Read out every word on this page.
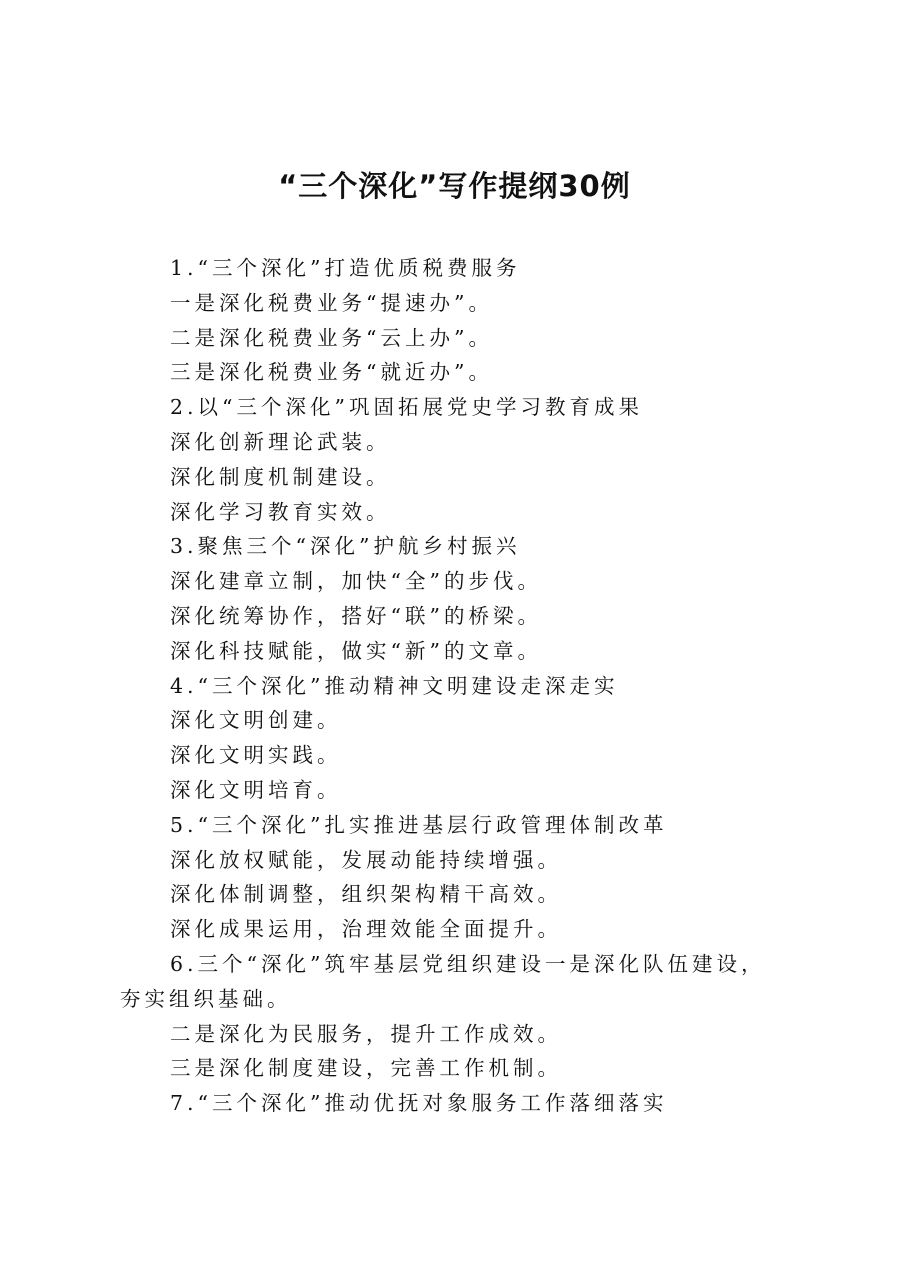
“三个深化”写作提纲30例
1.“三个深化”打造优质税费服务
一是深化税费业务“提速办”。
二是深化税费业务“云上办”。
三是深化税费业务“就近办”。
2.以“三个深化”巩固拓展党史学习教育成果
深化创新理论武装。
深化制度机制建设。
深化学习教育实效。
3.聚焦三个“深化”护航乡村振兴
深化建章立制，加快“全”的步伐。
深化统筹协作，搭好“联”的桥梁。
深化科技赋能，做实“新”的文章。
4.“三个深化”推动精神文明建设走深走实
深化文明创建。
深化文明实践。
深化文明培育。
5.“三个深化”扎实推进基层行政管理体制改革
深化放权赋能，发展动能持续增强。
深化体制调整，组织架构精干高效。
深化成果运用，治理效能全面提升。
6.三个“深化”筑牢基层党组织建设一是深化队伍建设，
夯实组织基础。
二是深化为民服务，提升工作成效。
三是深化制度建设，完善工作机制。
7.“三个深化”推动优抚对象服务工作落细落实
